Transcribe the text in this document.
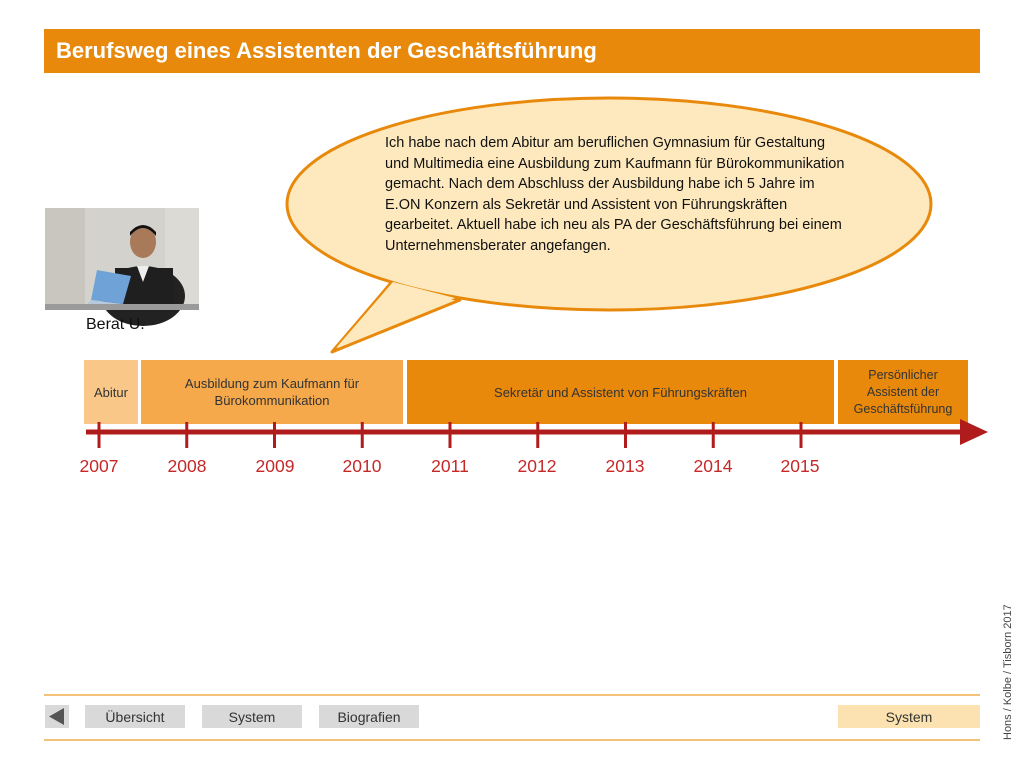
Berufsweg eines Assistenten der Geschäftsführung
Ich habe nach dem Abitur am beruflichen Gymnasium für Gestaltung und Multimedia eine Ausbildung zum Kaufmann für Bürokommunikation gemacht. Nach dem Abschluss der Ausbildung habe ich 5 Jahre im E.ON Konzern als Sekretär und Assistent von Führungskräften gearbeitet. Aktuell habe ich neu als PA der Geschäftsführung bei einem Unternehmensberater angefangen.
© Pixabay
Berat U.
Abitur
Ausbildung zum Kaufmann für Bürokommunikation
Sekretär und Assistent von Führungskräften
Persönlicher Assistent der Geschäftsführung
2007	2008	2009	2010	2011	2012	2013	2014	2015
Übersicht	System	Biografien	System	Hons / Kolbe / Tisborn 2017
